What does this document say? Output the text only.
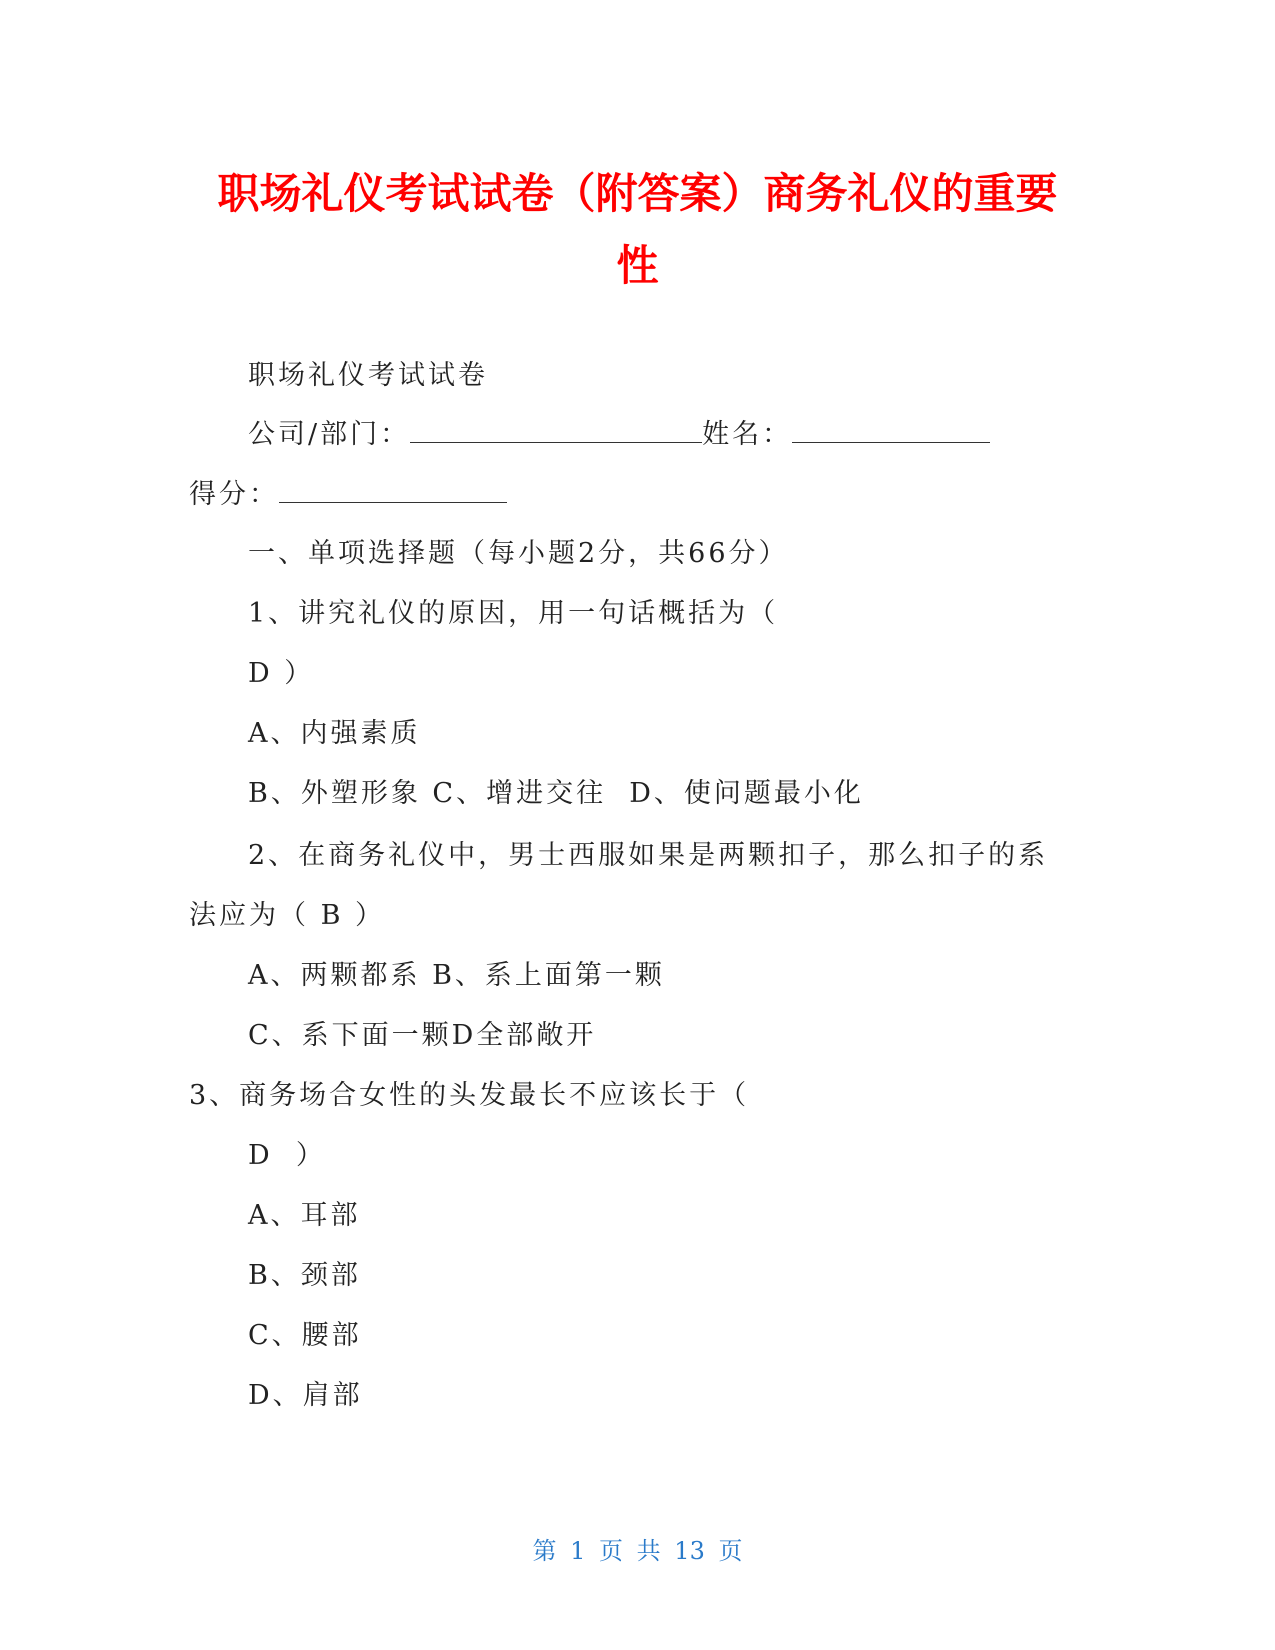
职场礼仪考试试卷（附答案）商务礼仪的重要
性
职场礼仪考试试卷
公司/部门：	姓名：
得分：
一、单项选择题（每小题2分，共66分）
1、讲究礼仪的原因，用一句话概括为（
D ）
A、内强素质
B、外塑形象 C、增进交往  D、使问题最小化
2、在商务礼仪中，男士西服如果是两颗扣子，那么扣子的系
法应为（ B ）
A、两颗都系 B、系上面第一颗
C、系下面一颗D全部敞开
3、商务场合女性的头发最长不应该长于（
D  ）
A、耳部
B、颈部
C、腰部
D、肩部
第 1 页 共 13 页
